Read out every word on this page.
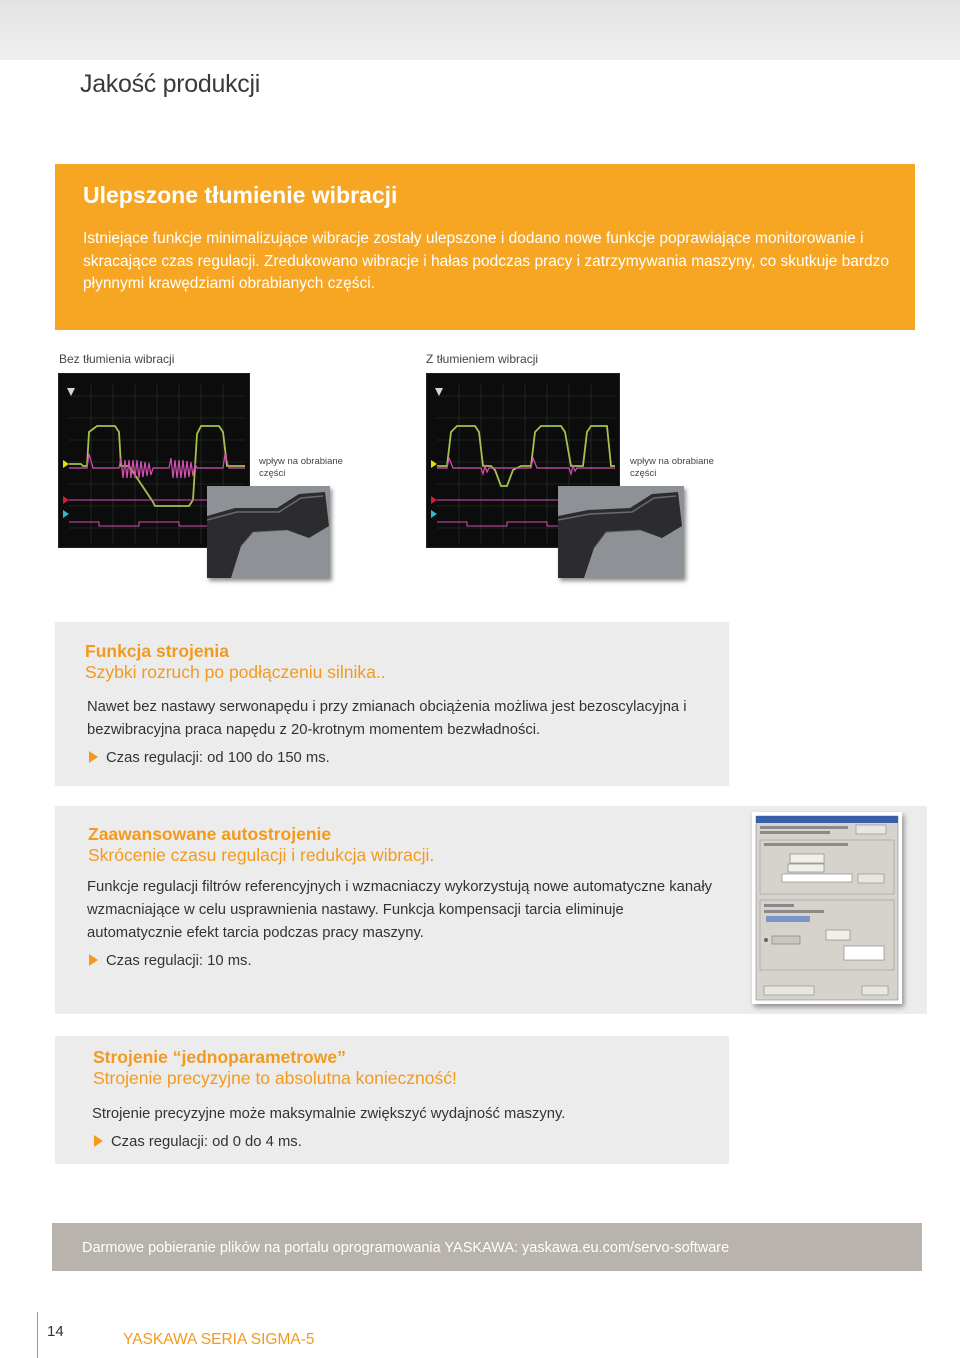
Jakość produkcji
Ulepszone tłumienie wibracji
Istniejące funkcje minimalizujące wibracje zostały ulepszone i dodano nowe funkcje poprawiające monitorowanie i skracające czas regulacji. Zredukowano wibracje i hałas podczas pracy i zatrzymywania maszyny, co skutkuje bardzo płynnymi krawędziami obrabianych części.
Bez tłumienia wibracji
wpływ na obrabiane części
Z tłumieniem wibracji
wpływ na obrabiane części
Funkcja strojenia
Szybki rozruch po podłączeniu silnika..
Nawet bez nastawy serwonapędu i przy zmianach obciążenia możliwa jest bezoscylacyjna i bezwibracyjna praca napędu z 20-krotnym momentem bezwładności.
Czas regulacji: od 100 do 150 ms.
Zaawansowane autostrojenie
Skrócenie czasu regulacji i redukcja wibracji.
Funkcje regulacji filtrów referencyjnych i wzmacniaczy wykorzystują nowe automatyczne kanały wzmacniające w celu usprawnienia nastawy. Funkcja kompensacji tarcia eliminuje automatycznie efekt tarcia podczas pracy maszyny.
Czas regulacji: 10 ms.
Strojenie “jednoparametrowe”
Strojenie precyzyjne to absolutna konieczność!
Strojenie precyzyjne może maksymalnie zwiększyć wydajność maszyny.
Czas regulacji: od 0 do 4 ms.
Darmowe pobieranie plików na portalu oprogramowania YASKAWA: yaskawa.eu.com/servo-software
14	YASKAWA SERIA SIGMA-5
